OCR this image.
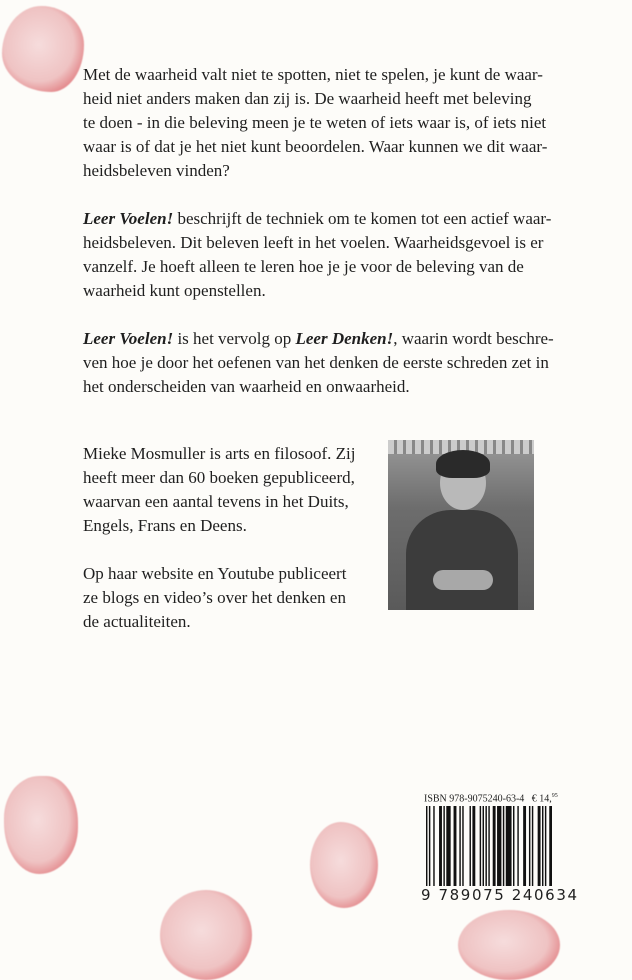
Met de waarheid valt niet te spotten, niet te spelen, je kunt de waar-
heid niet anders maken dan zij is. De waarheid heeft met beleving
te doen - in die beleving meen je te weten of iets waar is, of iets niet
waar is of dat je het niet kunt beoordelen. Waar kunnen we dit waar-
heidsbeleven vinden?
Leer Voelen! beschrijft de techniek om te komen tot een actief waar-
heidsbeleven. Dit beleven leeft in het voelen. Waarheidsgevoel is er
vanzelf. Je hoeft alleen te leren hoe je je voor de beleving van de
waarheid kunt openstellen.
Leer Voelen! is het vervolg op Leer Denken!, waarin wordt beschre-
ven hoe je door het oefenen van het denken de eerste schreden zet in
het onderscheiden van waarheid en onwaarheid.
Mieke Mosmuller is arts en filosoof. Zij
heeft meer dan 60 boeken gepubliceerd,
waarvan een aantal tevens in het Duits,
Engels, Frans en Deens.
Op haar website en Youtube publiceert
ze blogs en video’s over het denken en
de actualiteiten.
ISBN 978-9075240-63-4 € 14,95
9 789075 240634
